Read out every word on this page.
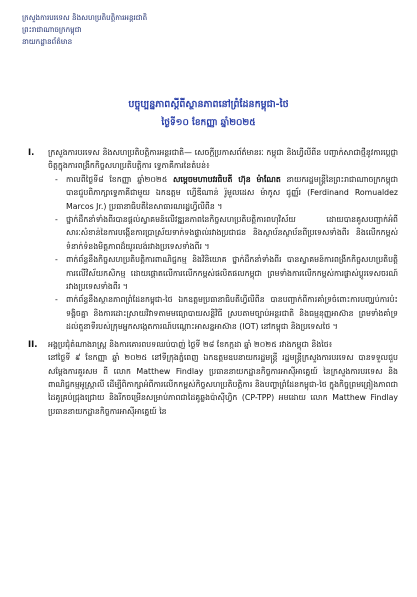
ក្រសួងការបរទេស និងសហប្រតិបត្តិការអន្តរជាតិ
ព្រះរាជាណាចក្រកម្ពុជា
នាយកដ្ឋានព័ត៌មាន
បច្ចុប្បន្នភាពស្តីពីស្ថានភាពនៅព្រំដែនកម្ពុជា-ថៃ
ថ្ងៃទី១០ ខែកញ្ញា ឆ្នាំ២០២៥
I. ក្រសួងការបរទេស និងសហប្រតិបត្តិការអន្តរជាតិ— សេចក្តីប្រកាសព័ត៌មានរៈ កម្ពុជា និងហ្វីលីពីន បញ្ជាក់សាជាថ្មីនូវការប្តេជ្ញាចិត្តក្នុងការពង្រីកកិច្ចសហប្រតិបត្តិការ ទ្វេភាគីការនៃតំបន់៖
- កាលពីថ្ងៃទី៨ ខែកញ្ញា ឆ្នាំ២០២៥ សម្តេចមហាបវរធិបតី ហ៊ុន ម៉ាណែត នាយករដ្ឋមន្ត្រីនៃព្រះរាជាណាចក្រកម្ពុជា បានជួបពិភាក្សាទ្វេភាគីជាមួយ ឯកឧត្តម ហ្វើឌីណាន់ រ៉ូមួលដេស ម៉ាកូស ជូញ្ញ័រ (Ferdinand Romualdez Marcos Jr.) ប្រធានាធិបតីនៃសាធារណរដ្ឋហ្វីលីពីន ។
- ថ្នាក់ដឹកនាំទាំងពីរបានផ្តល់ស្វាគមន៍លើវឌ្ឍនភាពនៃកិច្ចសហប្រតិបត្តិការពហុវិស័យ ដោយបានគូសបញ្ជាក់អំពីសារៈសំខាន់នៃការបង្កើនការប្រាស្រ័យទាក់ទងផ្ទាល់រវាងប្រជាជន និងស្ថាប័នស្ថាប័នពីប្រទេសទាំងពីរ និងលើកកម្ពស់ទំនាក់ទំនងមិត្តភាពដ៏យូរលង់រវាងប្រទេសទាំងពីរ ។
- ពាក់ព័ន្ធនឹងកិច្ចសហប្រតិបត្តិការពាណិជ្ជកម្ម និងវិនិយោគ ថ្នាក់ដឹកនាំទាំងពីរ បានស្វាគមន៍ការពង្រីកកិច្ចសហប្រតិបត្តិការលើវិស័យកសិកម្ម ដោយផ្តោតលើការលើកកម្ពស់ផលិតផលកម្ពុជា ព្រមទាំងការលើកកម្ពស់ការផ្លាស់ប្តូរទេសចរណ៍រវាងប្រទេសទាំងពីរ ។
- ពាក់ព័ន្ធនឹងស្ថានភាពព្រំដែនកម្ពុជា-ថៃ ឯកឧត្តមប្រធានាធិបតីហ្វីលីពីន បានបញ្ជាក់ពីការគាំទ្រចំពោះការបញ្ឈប់ការប៉ះទង្គិចគ្នា និងការដោះស្រាយវិវាទតាមមធ្យោបាយសន្តិវិធី ស្របតាមច្បាប់អន្តរជាតិ និងធម្មនុញ្ញអាស៊ាន ព្រមទាំងគាំទ្រដល់តួនាទីរបស់ក្រុមអ្នកសង្កេតការណ៍បណ្តោះអាសន្នអាស៊ាន (IOT) នៅកម្ពុជា និងប្រទេសថៃ ។
II. អង្គប្រជុំតំណាងរាស្ត្រ និងការគោរពបទឈប់បាញ់ ថ្ងៃទី ២៨ ខែកក្កដា ឆ្នាំ ២០២៥ រវាងកម្ពុជា និងថៃ៖
នៅថ្ងៃទី ៩ ខែកញ្ញា ឆ្នាំ ២០២៥ នៅទីក្រុងភ្នំពេញ ឯកឧត្តមឧបនាយករដ្ឋមន្ត្រី រដ្ឋមន្ត្រីក្រសួងការបរទេស បានទទួលជួបសម្តែងការគួរសម ពី លោក Matthew Findlay ប្រធាននាយកដ្ឋានកិច្ចការអាស៊ីអាគ្នេយ៍ នៃក្រសួងការបរទេស និងពាណិជ្ជកម្មអូស្ត្រាលី ដើម្បីពិភាក្សាអំពីការលើកកម្ពស់កិច្ចសហប្រតិបត្តិការ និងបញ្ហាព្រំដែនកម្ពុជា-ថៃ ក្នុងកិច្ចព្រមព្រៀងភាពជាដៃគូគ្រប់ជ្រុងជ្រោយ និងរីកចម្រើនសម្រាប់ភាពជាដៃគូឆ្លងប៉ាស៊ីហ្វិក (CP-TPP) អមដោយ លោក Matthew Findlay ប្រធាននាយកដ្ឋានកិច្ចការអាស៊ីអាគ្នេយ៍ នៃ
